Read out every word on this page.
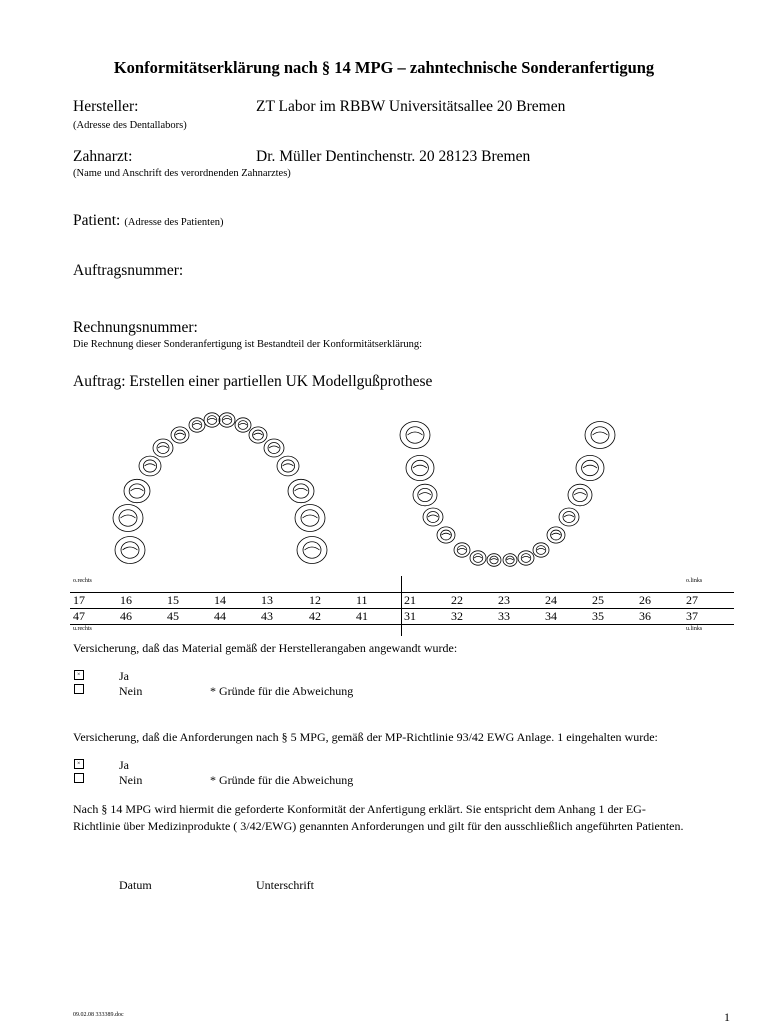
Konformitätserklärung nach § 14 MPG – zahntechnische Sonderanfertigung
Hersteller:	ZT Labor im RBBW Universitätsallee 20 Bremen
(Adresse des Dentallabors)
Zahnarzt:	Dr. Müller Dentinchenstr. 20 28123 Bremen
(Name und Anschrift des verordnenden Zahnarztes)
Patient: (Adresse des Patienten)
Auftragsnummer:
Rechnungsnummer:
Die Rechnung dieser Sonderanfertigung ist Bestandteil der Konformitätserklärung:
Auftrag: Erstellen einer partiellen UK Modellgußprothese
o.rechts	o.links
17	16	15	14	13	12	11	21	22	23	24	25	26	27
47	46	45	44	43	42	41	31	32	33	34	35	36	37
u.rechts	u.links
Versicherung, daß das Material gemäß der Herstellerangaben angewandt wurde:
×	Ja
Nein	* Gründe für die Abweichung
Versicherung, daß die Anforderungen nach § 5 MPG, gemäß der MP-Richtlinie 93/42 EWG Anlage. 1 eingehalten wurde:
×	Ja
Nein	* Gründe für die Abweichung
Nach § 14 MPG wird hiermit die geforderte Konformität der Anfertigung erklärt. Sie entspricht dem Anhang 1 der EG-
Richtlinie über Medizinprodukte ( 3/42/EWG) genannten Anforderungen und gilt für den ausschließlich angeführten Patienten.
Datum	Unterschrift
09.02.08 333389.doc	1
